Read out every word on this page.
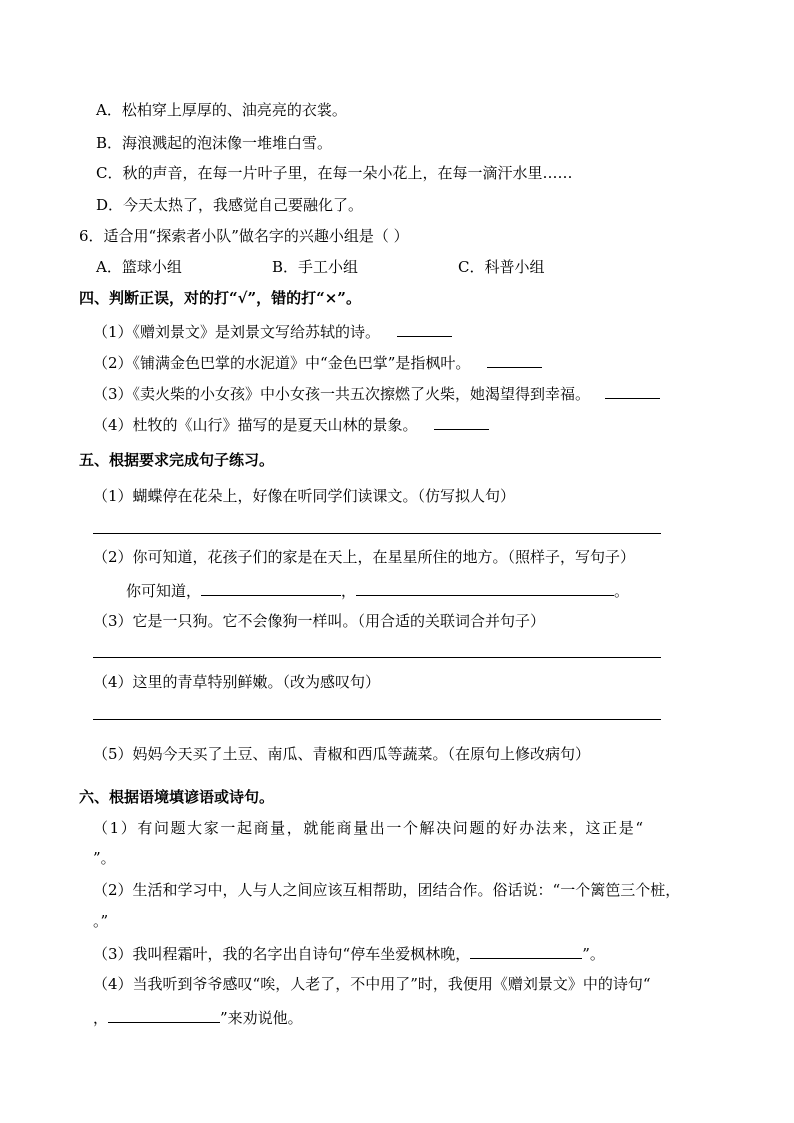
A．松柏穿上厚厚的、油亮亮的衣裳。
B．海浪溅起的泡沫像一堆堆白雪。
C．秋的声音，在每一片叶子里，在每一朵小花上，在每一滴汗水里……
D．今天太热了，我感觉自己要融化了。
6．适合用“探索者小队”做名字的兴趣小组是（ ）
A．篮球小组	B．手工小组	C．科普小组
四、判断正误，对的打“√”，错的打“×”。
（1）《赠刘景文》是刘景文写给苏轼的诗。
（2）《铺满金色巴掌的水泥道》中“金色巴掌”是指枫叶。
（3）《卖火柴的小女孩》中小女孩一共五次擦燃了火柴，她渴望得到幸福。
（4）杜牧的《山行》描写的是夏天山林的景象。
五、根据要求完成句子练习。
（1）蝴蝶停在花朵上，好像在听同学们读课文。（仿写拟人句）
（2）你可知道，花孩子们的家是在天上，在星星所住的地方。（照样子，写句子）
你可知道，	，	。
（3）它是一只狗。它不会像狗一样叫。（用合适的关联词合并句子）
（4）这里的青草特别鲜嫩。（改为感叹句）
（5）妈妈今天买了土豆、南瓜、青椒和西瓜等蔬菜。（在原句上修改病句）
六、根据语境填谚语或诗句。
（1）有问题大家一起商量，就能商量出一个解决问题的好办法来，这正是“
”。
（2）生活和学习中，人与人之间应该互相帮助，团结合作。俗话说：“一个篱笆三个桩，
。”
（3）我叫程霜叶，我的名字出自诗句“停车坐爱枫林晚，	”。
（4）当我听到爷爷感叹“唉，人老了，不中用了”时，我便用《赠刘景文》中的诗句“
，	”来劝说他。
